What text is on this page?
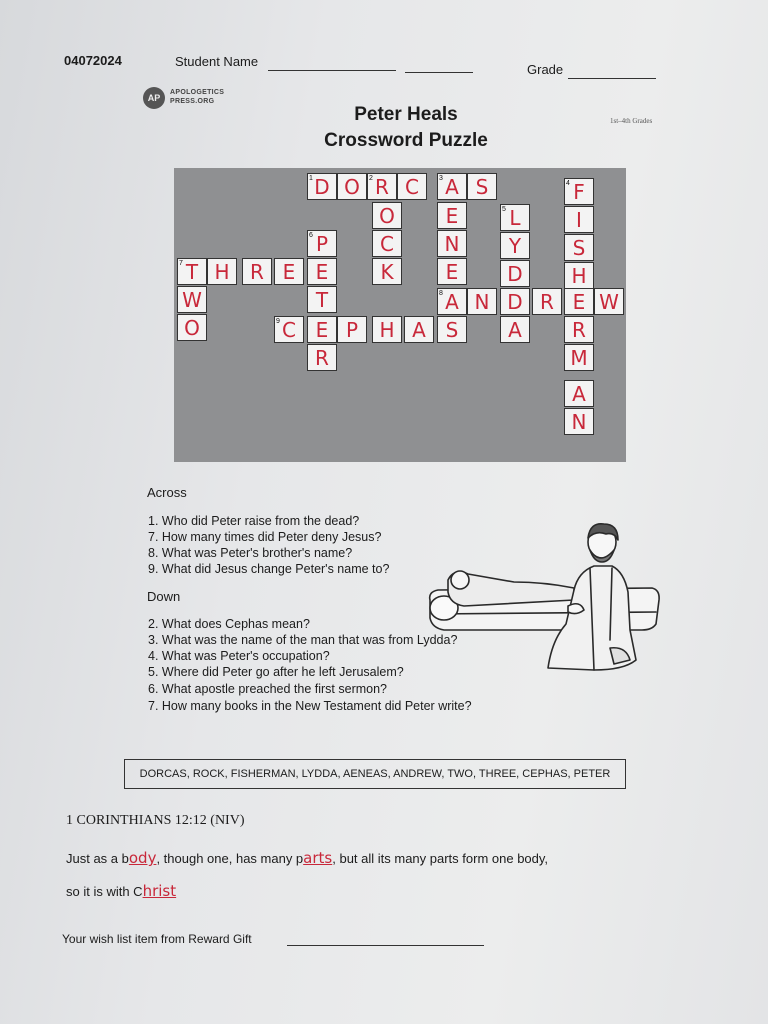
04072024	Student Name
Grade
AP
APOLOGETICS
PRESS.ORG
Peter Heals
Crossword Puzzle
1st–4th Grades
1 D O	2 R C	3 A S	4 F
O	E	5 L	I
6 P	C	N	Y	S
7 T H	R E	E	K	E	D	H
W	T	8 A N D R E W
O	9 C E P	H A S	A	R
R	M
A
N
Across
1. Who did Peter raise from the dead?
7. How many times did Peter deny Jesus?
8. What was Peter's brother's name?
9. What did Jesus change Peter's name to?
Down
2. What does Cephas mean?
3. What was the name of the man that was from Lydda?
4. What was Peter's occupation?
5. Where did Peter go after he left Jerusalem?
6. What apostle preached the first sermon?
7. How many books in the New Testament did Peter write?
DORCAS, ROCK, FISHERMAN, LYDDA, AENEAS, ANDREW, TWO, THREE, CEPHAS, PETER
1 CORINTHIANS 12:12 (NIV)
Just as a body, though one, has many parts, but all its many parts form one body,
so it is with Christ
Your wish list item from Reward Gift
